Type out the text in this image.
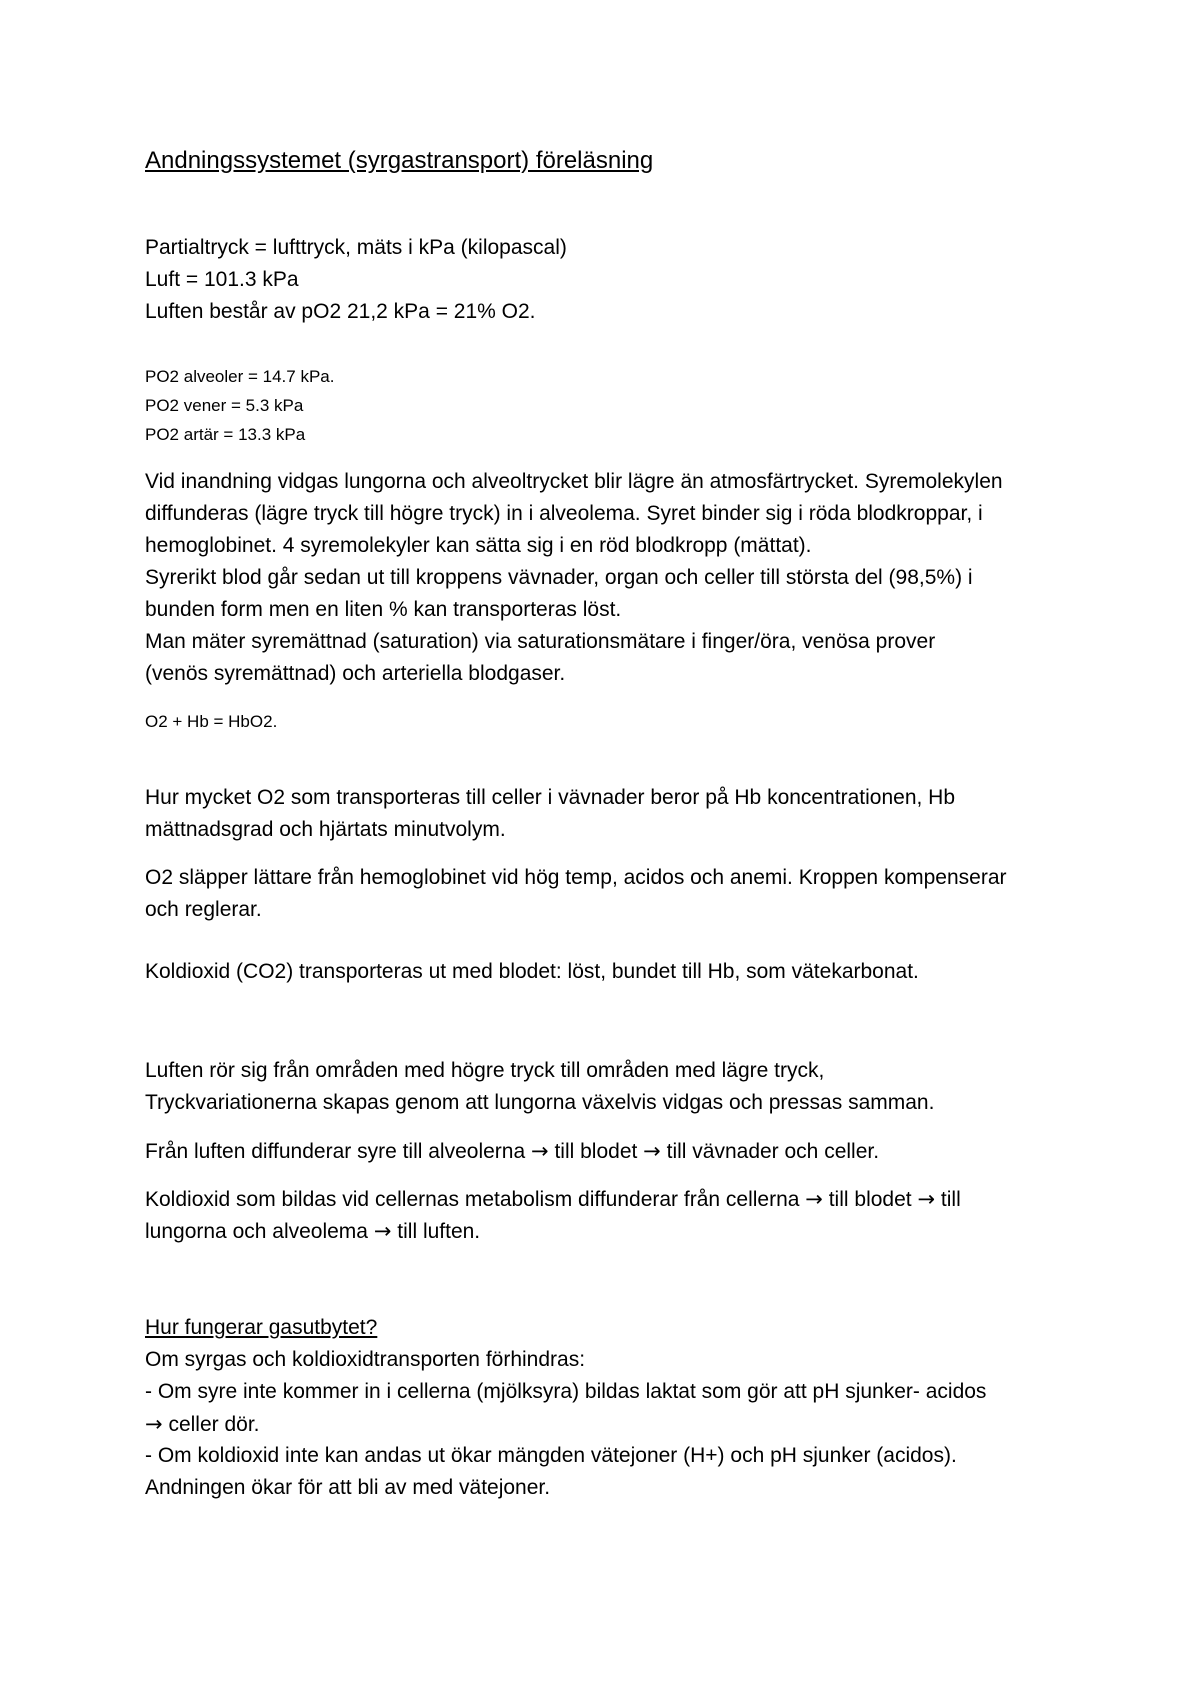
Andningssystemet (syrgastransport) föreläsning
Partialtryck = lufttryck, mäts i kPa (kilopascal)
Luft = 101.3 kPa
Luften består av pO2 21,2 kPa = 21% O2.
PO2 alveoler = 14.7 kPa.
PO2 vener = 5.3 kPa
PO2 artär = 13.3 kPa
Vid inandning vidgas lungorna och alveoltrycket blir lägre än atmosfärtrycket. Syremolekylen
diffunderas (lägre tryck till högre tryck) in i alveolema. Syret binder sig i röda blodkroppar, i
hemoglobinet. 4 syremolekyler kan sätta sig i en röd blodkropp (mättat).
Syrerikt blod går sedan ut till kroppens vävnader, organ och celler till största del (98,5%) i
bunden form men en liten % kan transporteras löst.
Man mäter syremättnad (saturation) via saturationsmätare i finger/öra, venösa prover
(venös syremättnad) och arteriella blodgaser.
O2 + Hb = HbO2.
Hur mycket O2 som transporteras till celler i vävnader beror på Hb koncentrationen, Hb
mättnadsgrad och hjärtats minutvolym.
O2 släpper lättare från hemoglobinet vid hög temp, acidos och anemi. Kroppen kompenserar
och reglerar.
Koldioxid (CO2) transporteras ut med blodet: löst, bundet till Hb, som vätekarbonat.
Luften rör sig från områden med högre tryck till områden med lägre tryck,
Tryckvariationerna skapas genom att lungorna växelvis vidgas och pressas samman.
Från luften diffunderar syre till alveolerna → till blodet → till vävnader och celler.
Koldioxid som bildas vid cellernas metabolism diffunderar från cellerna → till blodet → till
lungorna och alveolema → till luften.
Hur fungerar gasutbytet?
Om syrgas och koldioxidtransporten förhindras:
- Om syre inte kommer in i cellerna (mjölksyra) bildas laktat som gör att pH sjunker- acidos
→ celler dör.
- Om koldioxid inte kan andas ut ökar mängden vätejoner (H+) och pH sjunker (acidos).
Andningen ökar för att bli av med vätejoner.
